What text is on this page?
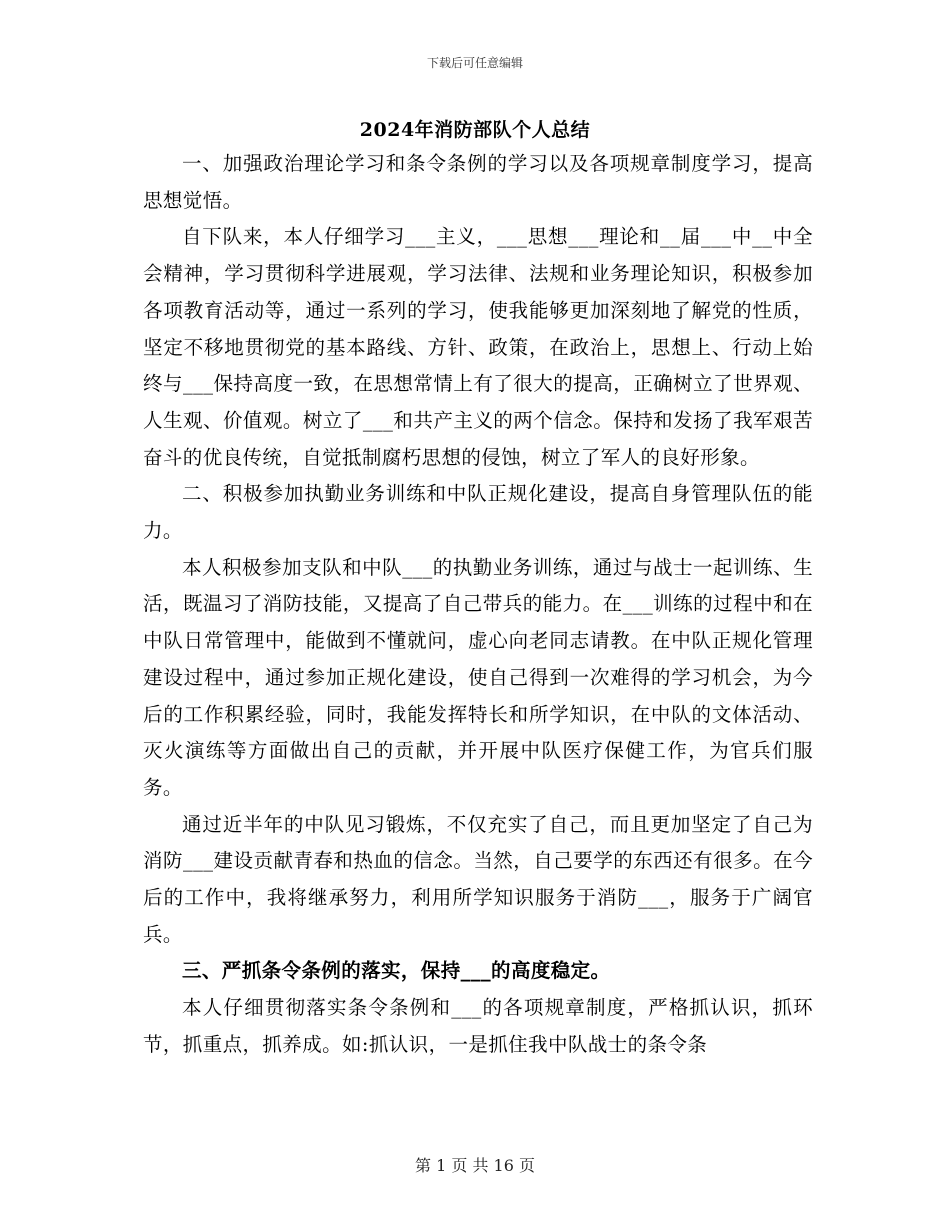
下载后可任意编辑
2024年消防部队个人总结

一、加强政治理论学习和条令条例的学习以及各项规章制度学习，提高思想觉悟。

自下队来，本人仔细学习___主义，___思想___理论和__届___中__中全会精神，学习贯彻科学进展观，学习法律、法规和业务理论知识，积极参加各项教育活动等，通过一系列的学习，使我能够更加深刻地了解党的性质，坚定不移地贯彻党的基本路线、方针、政策，在政治上，思想上、行动上始终与___保持高度一致，在思想常情上有了很大的提高，正确树立了世界观、人生观、价值观。树立了___和共产主义的两个信念。保持和发扬了我军艰苦奋斗的优良传统，自觉抵制腐朽思想的侵蚀，树立了军人的良好形象。

二、积极参加执勤业务训练和中队正规化建设，提高自身管理队伍的能力。

本人积极参加支队和中队___的执勤业务训练，通过与战士一起训练、生活，既温习了消防技能，又提高了自己带兵的能力。在___训练的过程中和在中队日常管理中，能做到不懂就问，虚心向老同志请教。在中队正规化管理建设过程中，通过参加正规化建设，使自己得到一次难得的学习机会，为今后的工作积累经验，同时，我能发挥特长和所学知识，在中队的文体活动、灭火演练等方面做出自己的贡献，并开展中队医疗保健工作，为官兵们服务。

通过近半年的中队见习锻炼，不仅充实了自己，而且更加坚定了自己为消防___建设贡献青春和热血的信念。当然，自己要学的东西还有很多。在今后的工作中，我将继承努力，利用所学知识服务于消防___，服务于广阔官兵。

三、严抓条令条例的落实，保持___的高度稳定。

本人仔细贯彻落实条令条例和___的各项规章制度，严格抓认识，抓环节，抓重点，抓养成。如:抓认识，一是抓住我中队战士的条令条

第 1 页 共 16 页
